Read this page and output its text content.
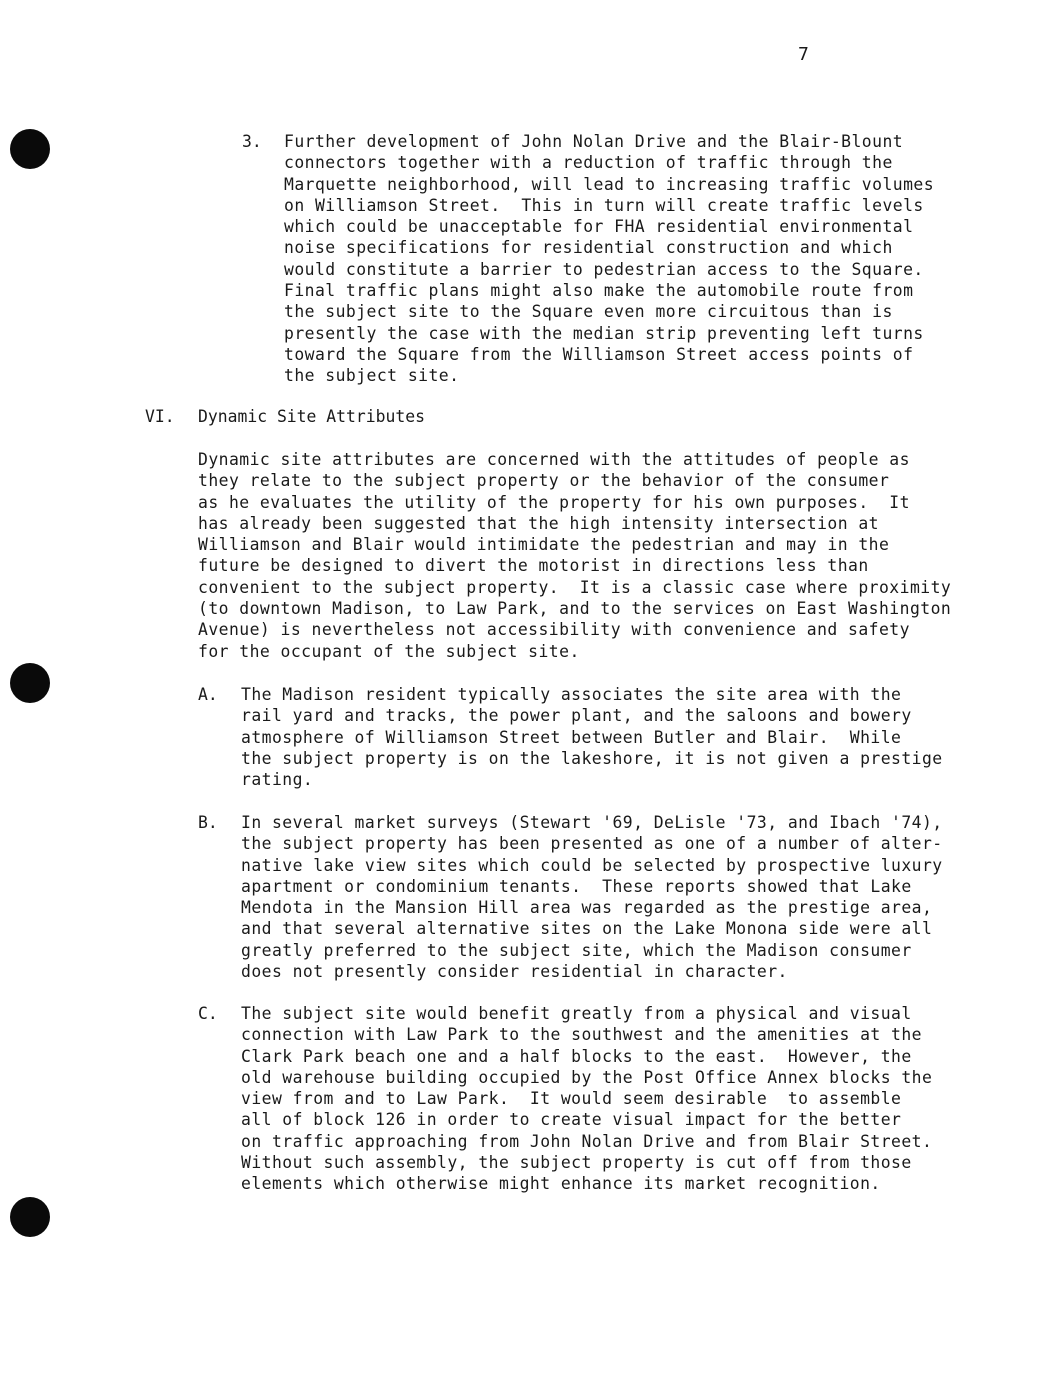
7
3. Further development of John Nolan Drive and the Blair-Blount
connectors together with a reduction of traffic through the
Marquette neighborhood, will lead to increasing traffic volumes
on Williamson Street.  This in turn will create traffic levels
which could be unacceptable for FHA residential environmental
noise specifications for residential construction and which
would constitute a barrier to pedestrian access to the Square.
Final traffic plans might also make the automobile route from
the subject site to the Square even more circuitous than is
presently the case with the median strip preventing left turns
toward the Square from the Williamson Street access points of
the subject site.
VI. Dynamic Site Attributes
Dynamic site attributes are concerned with the attitudes of people as
they relate to the subject property or the behavior of the consumer
as he evaluates the utility of the property for his own purposes.  It
has already been suggested that the high intensity intersection at
Williamson and Blair would intimidate the pedestrian and may in the
future be designed to divert the motorist in directions less than
convenient to the subject property.  It is a classic case where proximity
(to downtown Madison, to Law Park, and to the services on East Washington
Avenue) is nevertheless not accessibility with convenience and safety
for the occupant of the subject site.
A. The Madison resident typically associates the site area with the
rail yard and tracks, the power plant, and the saloons and bowery
atmosphere of Williamson Street between Butler and Blair.  While
the subject property is on the lakeshore, it is not given a prestige
rating.
B. In several market surveys (Stewart '69, DeLisle '73, and Ibach '74),
the subject property has been presented as one of a number of alter-
native lake view sites which could be selected by prospective luxury
apartment or condominium tenants.  These reports showed that Lake
Mendota in the Mansion Hill area was regarded as the prestige area,
and that several alternative sites on the Lake Monona side were all
greatly preferred to the subject site, which the Madison consumer
does not presently consider residential in character.
C. The subject site would benefit greatly from a physical and visual
connection with Law Park to the southwest and the amenities at the
Clark Park beach one and a half blocks to the east.  However, the
old warehouse building occupied by the Post Office Annex blocks the
view from and to Law Park.  It would seem desirable  to assemble
all of block 126 in order to create visual impact for the better
on traffic approaching from John Nolan Drive and from Blair Street.
Without such assembly, the subject property is cut off from those
elements which otherwise might enhance its market recognition.
